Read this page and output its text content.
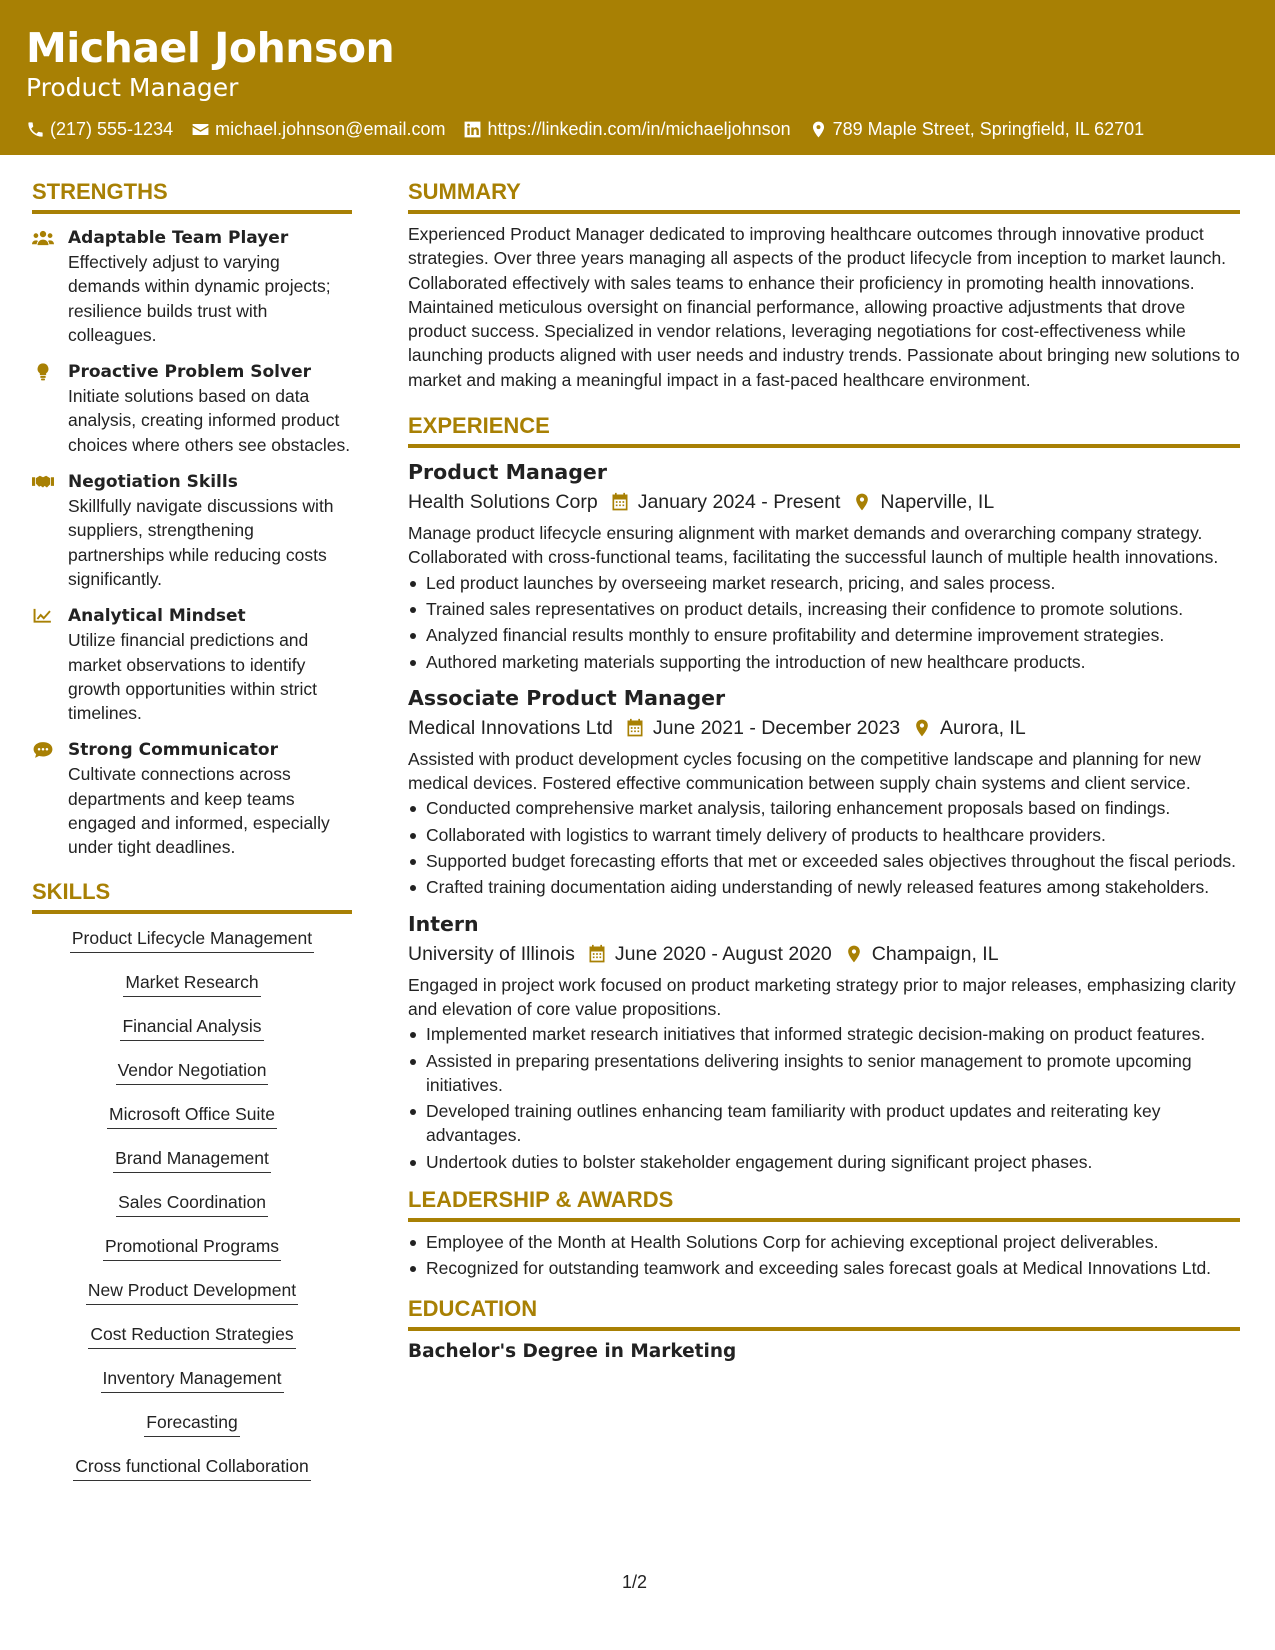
Michael Johnson
Product Manager
(217) 555-1234 michael.johnson@email.com https://linkedin.com/in/michaeljohnson 789 Maple Street, Springfield, IL 62701
STRENGTHS
Adaptable Team Player
Effectively adjust to varying demands within dynamic projects; resilience builds trust with colleagues.
Proactive Problem Solver
Initiate solutions based on data analysis, creating informed product choices where others see obstacles.
Negotiation Skills
Skillfully navigate discussions with suppliers, strengthening partnerships while reducing costs significantly.
Analytical Mindset
Utilize financial predictions and market observations to identify growth opportunities within strict timelines.
Strong Communicator
Cultivate connections across departments and keep teams engaged and informed, especially under tight deadlines.
SKILLS
Product Lifecycle Management
Market Research
Financial Analysis
Vendor Negotiation
Microsoft Office Suite
Brand Management
Sales Coordination
Promotional Programs
New Product Development
Cost Reduction Strategies
Inventory Management
Forecasting
Cross functional Collaboration
SUMMARY
Experienced Product Manager dedicated to improving healthcare outcomes through innovative product strategies. Over three years managing all aspects of the product lifecycle from inception to market launch. Collaborated effectively with sales teams to enhance their proficiency in promoting health innovations. Maintained meticulous oversight on financial performance, allowing proactive adjustments that drove product success. Specialized in vendor relations, leveraging negotiations for cost-effectiveness while launching products aligned with user needs and industry trends. Passionate about bringing new solutions to market and making a meaningful impact in a fast-paced healthcare environment.
EXPERIENCE
Product Manager
Health Solutions Corp January 2024 - Present Naperville, IL
Manage product lifecycle ensuring alignment with market demands and overarching company strategy. Collaborated with cross-functional teams, facilitating the successful launch of multiple health innovations.
Led product launches by overseeing market research, pricing, and sales process.
Trained sales representatives on product details, increasing their confidence to promote solutions.
Analyzed financial results monthly to ensure profitability and determine improvement strategies.
Authored marketing materials supporting the introduction of new healthcare products.
Associate Product Manager
Medical Innovations Ltd June 2021 - December 2023 Aurora, IL
Assisted with product development cycles focusing on the competitive landscape and planning for new medical devices. Fostered effective communication between supply chain systems and client service.
Conducted comprehensive market analysis, tailoring enhancement proposals based on findings.
Collaborated with logistics to warrant timely delivery of products to healthcare providers.
Supported budget forecasting efforts that met or exceeded sales objectives throughout the fiscal periods.
Crafted training documentation aiding understanding of newly released features among stakeholders.
Intern
University of Illinois June 2020 - August 2020 Champaign, IL
Engaged in project work focused on product marketing strategy prior to major releases, emphasizing clarity and elevation of core value propositions.
Implemented market research initiatives that informed strategic decision-making on product features.
Assisted in preparing presentations delivering insights to senior management to promote upcoming initiatives.
Developed training outlines enhancing team familiarity with product updates and reiterating key advantages.
Undertook duties to bolster stakeholder engagement during significant project phases.
LEADERSHIP & AWARDS
Employee of the Month at Health Solutions Corp for achieving exceptional project deliverables.
Recognized for outstanding teamwork and exceeding sales forecast goals at Medical Innovations Ltd.
EDUCATION
Bachelor's Degree in Marketing
1/2
